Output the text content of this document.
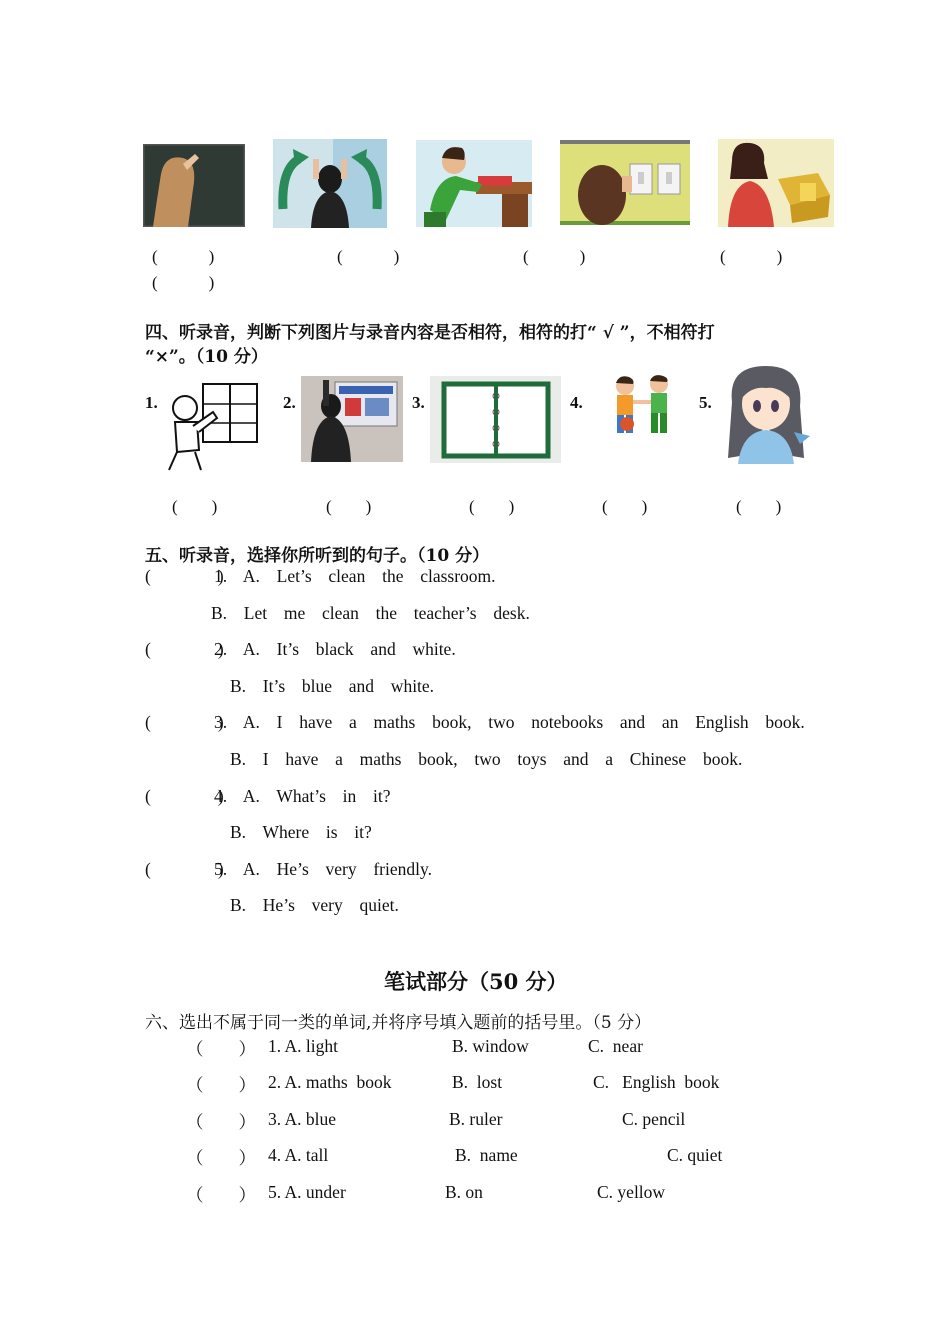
(　　　)	(　　　)	(　　　)	(　　　)
(　　　)
四、听录音，判断下列图片与录音内容是否相符，相符的打“ √ ”，不相符打
“×”。（10 分）
1.	2.	3.	4.	5.
(　　)	(　　)	(　　)	(　　)	(　　)
五、听录音，选择你所听到的句子。（10 分）
(        )
1.  A.  Let’s  clean  the  classroom.
B.  Let  me  clean  the  teacher’s  desk.
(        )
2.  A.  It’s  black  and  white.
B.  It’s  blue  and  white.
(        )
3.  A.  I  have  a  maths  book,  two  notebooks  and  an  English  book.
B.  I  have  a  maths  book,  two  toys  and  a  Chinese  book.
(        )
4.  A.  What’s  in  it?
B.  Where  is  it?
(        )
5.  A.  He’s  very  friendly.
B.  He’s  very  quiet.
笔试部分（50 分）
六、选出不属于同一类的单词,并将序号填入题前的括号里。（5 分）
（        ） 1. A. light	B. window	C.  near
（        ） 2. A. maths  book	B.  lost	C.   English  book
（        ） 3. A. blue	B. ruler	C. pencil
（        ） 4. A. tall	B.  name	C. quiet
（        ） 5. A. under	B. on	C. yellow
